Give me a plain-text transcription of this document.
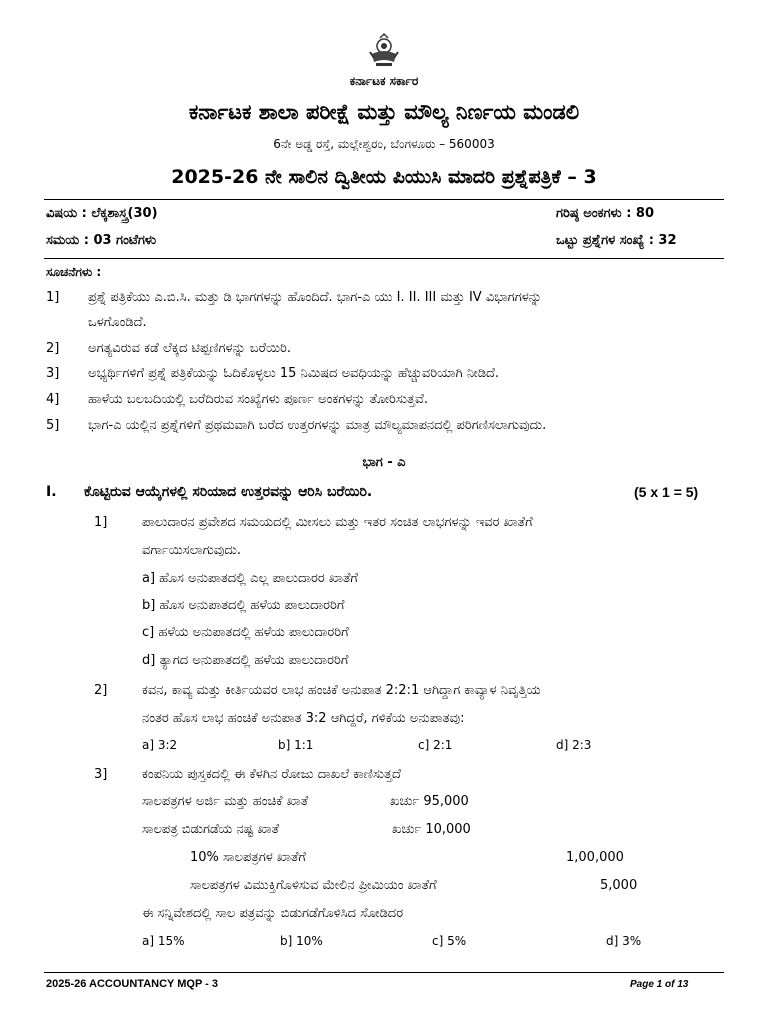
ಕರ್ನಾಟಕ ಸರ್ಕಾರ
ಕರ್ನಾಟಕ ಶಾಲಾ ಪರೀಕ್ಷೆ ಮತ್ತು ಮೌಲ್ಯ ನಿರ್ಣಯ ಮಂಡಲಿ
6ನೇ ಅಡ್ಡ ರಸ್ತೆ, ಮಲ್ಲೇಶ್ವರಂ, ಬೆಂಗಳೂರು – 560003
2025-26 ನೇ ಸಾಲಿನ ದ್ವಿತೀಯ ಪಿಯುಸಿ ಮಾದರಿ ಪ್ರಶ್ನೆಪತ್ರಿಕೆ – 3
ವಿಷಯ : ಲೆಕ್ಕಶಾಸ್ತ್ರ(30)	ಗರಿಷ್ಠ ಅಂಕಗಳು : 80
ಸಮಯ : 03 ಗಂಟೆಗಳು	ಒಟ್ಟು ಪ್ರಶ್ನೆಗಳ ಸಂಖ್ಯೆ : 32
ಸೂಚನೆಗಳು :
1] ಪ್ರಶ್ನೆ ಪತ್ರಿಕೆಯು ಎ.ಬಿ.ಸಿ. ಮತ್ತು ಡಿ ಭಾಗಗಳನ್ನು ಹೊಂದಿದೆ. ಭಾಗ-ಎ ಯು I. II. III ಮತ್ತು IV ವಿಭಾಗಗಳನ್ನು
ಒಳಗೊಂಡಿದೆ.
2] ಅಗತ್ಯವಿರುವ ಕಡೆ ಲೆಕ್ಕದ ಟಿಪ್ಪಣಿಗಳನ್ನು ಬರೆಯಿರಿ.
3] ಅಭ್ಯರ್ಥಿಗಳಿಗೆ ಪ್ರಶ್ನೆ ಪತ್ರಿಕೆಯನ್ನು ಓದಿಕೊಳ್ಳಲು 15 ನಿಮಿಷದ ಅವಧಿಯನ್ನು ಹೆಚ್ಚುವರಿಯಾಗಿ ನೀಡಿದೆ.
4] ಹಾಳೆಯ ಬಲಬದಿಯಲ್ಲಿ ಬರೆದಿರುವ ಸಂಖ್ಯೆಗಳು ಪೂರ್ಣ ಅಂಕಗಳನ್ನು ತೋರಿಸುತ್ತವೆ.
5] ಭಾಗ-ಎ ಯಲ್ಲಿನ ಪ್ರಶ್ನೆಗಳಿಗೆ ಪ್ರಥಮವಾಗಿ ಬರೆದ ಉತ್ತರಗಳನ್ನು ಮಾತ್ರ ಮೌಲ್ಯಮಾಪನದಲ್ಲಿ ಪರಿಗಣಿಸಲಾಗುವುದು.
ಭಾಗ - ಎ
I. ಕೊಟ್ಟಿರುವ ಆಯ್ಕೆಗಳಲ್ಲಿ ಸರಿಯಾದ ಉತ್ತರವನ್ನು ಆರಿಸಿ ಬರೆಯಿರಿ.	(5 x 1 = 5)
1]	ಪಾಲುದಾರನ ಪ್ರವೇಶದ ಸಮಯದಲ್ಲಿ ಮೀಸಲು ಮತ್ತು ಇತರ ಸಂಚಿತ ಲಾಭಗಳನ್ನು ಇವರ ಖಾತೆಗೆ
ವರ್ಗಾಯಿಸಲಾಗುವುದು.
a] ಹೊಸ ಅನುಪಾತದಲ್ಲಿ ಎಲ್ಲ ಪಾಲುದಾರರ ಖಾತೆಗೆ
b] ಹೊಸ ಅನುಪಾತದಲ್ಲಿ ಹಳೆಯ ಪಾಲುದಾರರಿಗೆ
c] ಹಳೆಯ ಅನುಪಾತದಲ್ಲಿ ಹಳೆಯ ಪಾಲುದಾರರಿಗೆ
d] ತ್ಯಾಗದ ಅನುಪಾತದಲ್ಲಿ ಹಳೆಯ ಪಾಲುದಾರರಿಗೆ
2]	ಕವನ, ಕಾವ್ಯ ಮತ್ತು ಕೀರ್ತಿಯವರ ಲಾಭ ಹಂಚಿಕೆ ಅನುಪಾತ 2:2:1 ಆಗಿದ್ದಾಗ ಕಾವ್ಯಾಳ ನಿವೃತ್ತಿಯ
ನಂತರ ಹೊಸ ಲಾಭ ಹಂಚಿಕೆ ಅನುಪಾತ 3:2 ಆಗಿದ್ದರೆ, ಗಳಿಕೆಯ ಅನುಪಾತವು:
a] 3:2	b] 1:1	c] 2:1	d] 2:3
3]	ಕಂಪನಿಯ ಪುಸ್ತಕದಲ್ಲಿ ಈ ಕೆಳಗಿನ ರೋಜು ದಾಖಲೆ ಕಾಣಿಸುತ್ತದೆ
ಸಾಲಪತ್ರಗಳ ಅರ್ಜಿ ಮತ್ತು ಹಂಚಿಕೆ ಖಾತೆ	ಖರ್ಚು 95,000
ಸಾಲಪತ್ರ ಬಿಡುಗಡೆಯ ನಷ್ಟ ಖಾತೆ	ಖರ್ಚು 10,000
10% ಸಾಲಪತ್ರಗಳ ಖಾತೆಗೆ	1,00,000
ಸಾಲಪತ್ರಗಳ ವಿಮುಕ್ತಿಗೊಳಿಸುವ ಮೇಲಿನ ಪ್ರೀಮಿಯಂ ಖಾತೆಗೆ	5,000
ಈ ಸನ್ನಿವೇಶದಲ್ಲಿ ಸಾಲ ಪತ್ರವನ್ನು ಬಿಡುಗಡೆಗೊಳಿಸಿದ ಸೋಡಿದರ
a] 15%	b] 10%	c] 5%	d] 3%
2025-26 ACCOUNTANCY MQP - 3	Page 1 of 13
